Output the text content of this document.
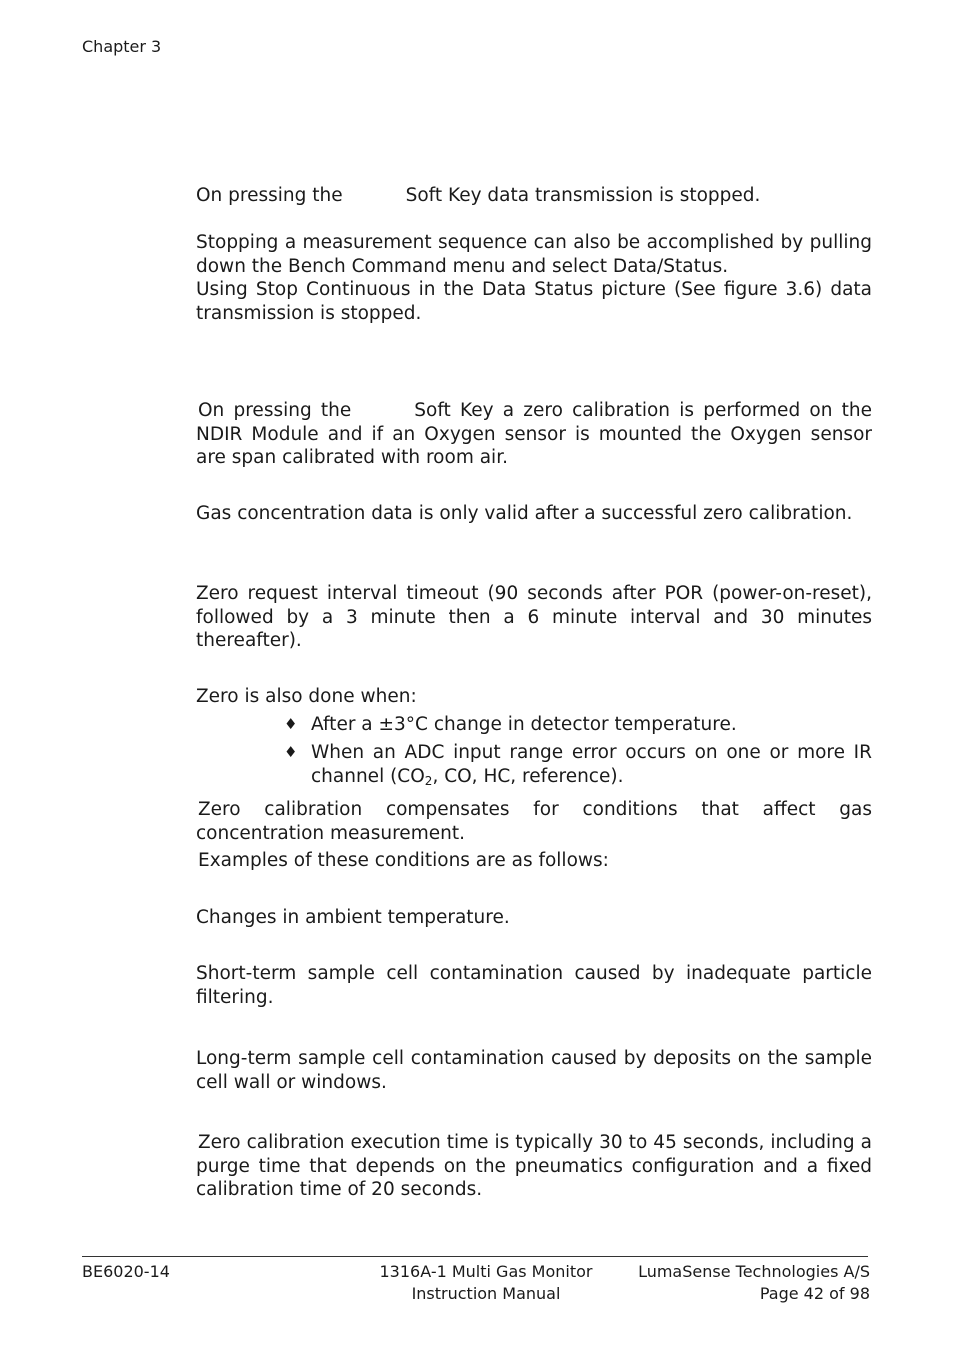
Chapter 3

On pressing the	Soft Key data transmission is stopped.

Stopping a measurement sequence can also be accomplished by pulling down the Bench Command menu and select Data/Status.

Using Stop Continuous in the Data Status picture (See figure 3.6) data transmission is stopped.

On pressing the	Soft Key a zero calibration is performed on the NDIR Module and if an Oxygen sensor is mounted the Oxygen sensor are span calibrated with room air.

Gas concentration data is only valid after a successful zero calibration.

Zero request interval timeout (90 seconds after POR (power-on-reset), followed by a 3 minute then a 6 minute interval and 30 minutes thereafter).

Zero is also done when:

♦ After a ±3°C change in detector temperature.
♦ When an ADC input range error occurs on one or more IR channel ($CO_2$, CO, HC, reference).

Zero calibration compensates for conditions that affect gas concentration measurement.

Examples of these conditions are as follows:

Changes in ambient temperature.

Short-term sample cell contamination caused by inadequate particle filtering.

Long-term sample cell contamination caused by deposits on the sample cell wall or windows.

Zero calibration execution time is typically 30 to 45 seconds, including a purge time that depends on the pneumatics configuration and a fixed calibration time of 20 seconds.

BE6020-14	1316A-1 Multi Gas Monitor
Instruction Manual
LumaSense Technologies A/S
Page 42 of 98
